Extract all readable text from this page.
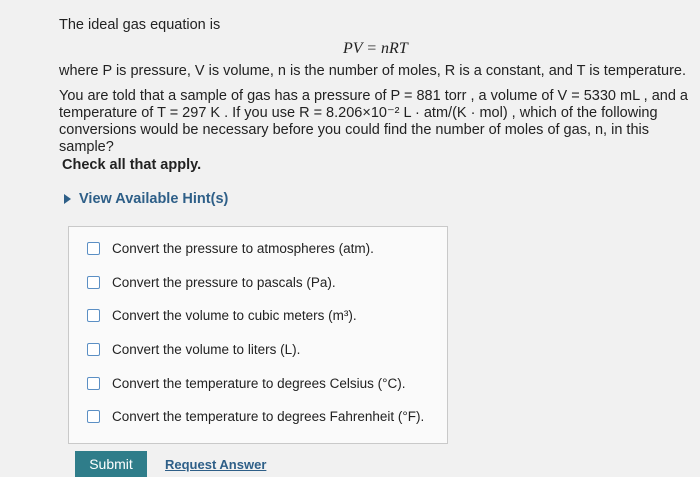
The ideal gas equation is
PV = nRT
where P is pressure, V is volume, n is the number of moles, R is a constant, and T is temperature.
You are told that a sample of gas has a pressure of P = 881 torr , a volume of V = 5330 mL , and a temperature of T = 297 K . If you use R = 8.206×10⁻² L · atm/(K · mol) , which of the following conversions would be necessary before you could find the number of moles of gas, n, in this sample?
Check all that apply.
View Available Hint(s)
Convert the pressure to atmospheres (atm).
Convert the pressure to pascals (Pa).
Convert the volume to cubic meters (m³).
Convert the volume to liters (L).
Convert the temperature to degrees Celsius (°C).
Convert the temperature to degrees Fahrenheit (°F).
Submit	Request Answer
